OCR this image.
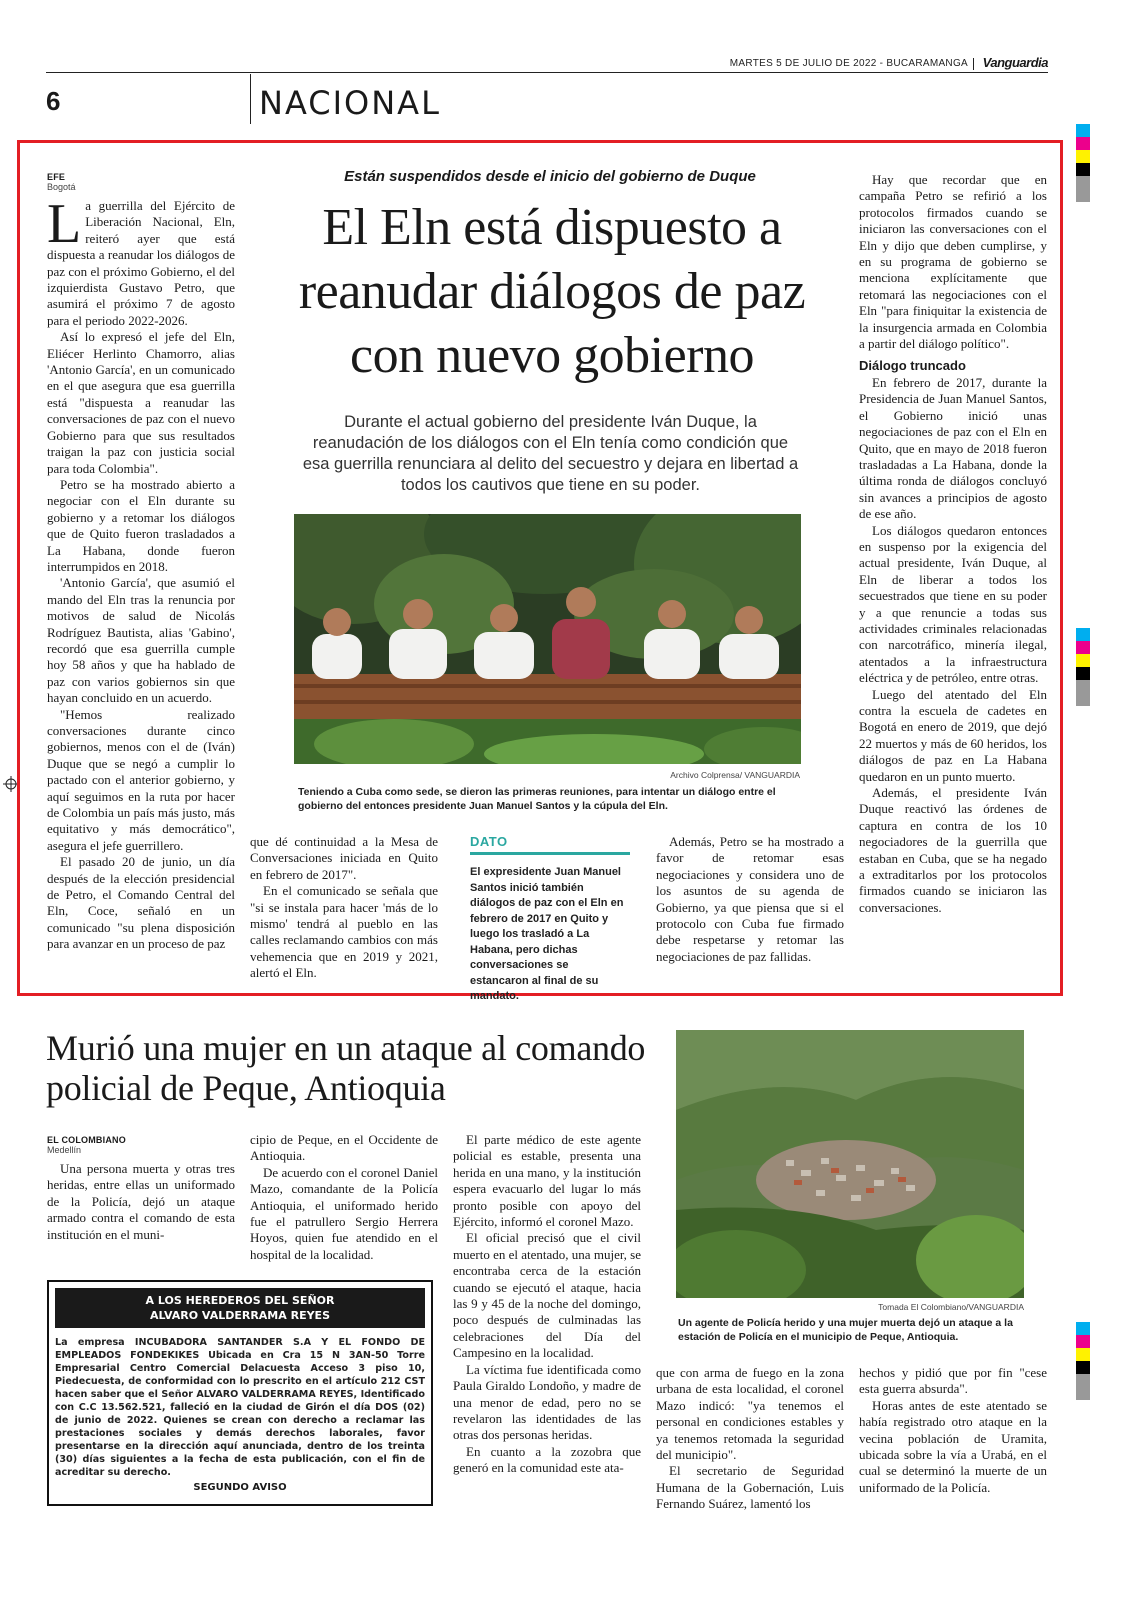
MARTES 5 DE JULIO DE 2022 - BUCARAMANGA Vanguardia
6	NACIONAL
EFE
Bogotá

La guerrilla del Ejército de Liberación Nacional, Eln, reiteró ayer que está dispuesta a reanudar los diálogos de paz con el próximo Gobierno, el del izquierdista Gustavo Petro, que asumirá el próximo 7 de agosto para el periodo 2022-2026.

Así lo expresó el jefe del Eln, Eliécer Herlinto Chamorro, alias 'Antonio García', en un comunicado en el que asegura que esa guerrilla está "dispuesta a reanudar las conversaciones de paz con el nuevo Gobierno para que sus resultados traigan la paz con justicia social para toda Colombia".

Petro se ha mostrado abierto a negociar con el Eln durante su gobierno y a retomar los diálogos que de Quito fueron trasladados a La Habana, donde fueron interrumpidos en 2018.

'Antonio García', que asumió el mando del Eln tras la renuncia por motivos de salud de Nicolás Rodríguez Bautista, alias 'Gabino', recordó que esa guerrilla cumple hoy 58 años y que ha hablado de paz con varios gobiernos sin que hayan concluido en un acuerdo.

"Hemos realizado conversaciones durante cinco gobiernos, menos con el de (Iván) Duque que se negó a cumplir lo pactado con el anterior gobierno, y aquí seguimos en la ruta por hacer de Colombia un país más justo, más equitativo y más democrático", asegura el jefe guerrillero.

El pasado 20 de junio, un día después de la elección presidencial de Petro, el Comando Central del Eln, Coce, señaló en un comunicado "su plena disposición para avanzar en un proceso de paz

Están suspendidos desde el inicio del gobierno de Duque
El Eln está dispuesto a reanudar diálogos de paz con nuevo gobierno
Durante el actual gobierno del presidente Iván Duque, la reanudación de los diálogos con el Eln tenía como condición que esa guerrilla renunciara al delito del secuestro y dejara en libertad a todos los cautivos que tiene en su poder.
Archivo Colprensa/ VANGUARDIA
Teniendo a Cuba como sede, se dieron las primeras reuniones, para intentar un diálogo entre el gobierno del entonces presidente Juan Manuel Santos y la cúpula del Eln.

que dé continuidad a la Mesa de Conversaciones iniciada en Quito en febrero de 2017".

En el comunicado se señala que "si se instala para hacer 'más de lo mismo' tendrá al pueblo en las calles reclamando cambios con más vehemencia que en 2019 y 2021, alertó el Eln.

DATO
El expresidente Juan Manuel Santos inició también diálogos de paz con el Eln en febrero de 2017 en Quito y luego los trasladó a La Habana, pero dichas conversaciones se estancaron al final de su mandato.

Además, Petro se ha mostrado a favor de retomar esas negociaciones y considera uno de los asuntos de su agenda de Gobierno, ya que piensa que si el protocolo con Cuba fue firmado debe respetarse y retomar las negociaciones de paz fallidas.

Hay que recordar que en campaña Petro se refirió a los protocolos firmados cuando se iniciaron las conversaciones con el Eln y dijo que deben cumplirse, y en su programa de gobierno se menciona explícitamente que retomará las negociaciones con el Eln "para finiquitar la existencia de la insurgencia armada en Colombia a partir del diálogo político".

Diálogo truncado

En febrero de 2017, durante la Presidencia de Juan Manuel Santos, el Gobierno inició unas negociaciones de paz con el Eln en Quito, que en mayo de 2018 fueron trasladadas a La Habana, donde la última ronda de diálogos concluyó sin avances a principios de agosto de ese año.

Los diálogos quedaron entonces en suspenso por la exigencia del actual presidente, Iván Duque, al Eln de liberar a todos los secuestrados que tiene en su poder y a que renuncie a todas sus actividades criminales relacionadas con narcotráfico, minería ilegal, atentados a la infraestructura eléctrica y de petróleo, entre otras.

Luego del atentado del Eln contra la escuela de cadetes en Bogotá en enero de 2019, que dejó 22 muertos y más de 60 heridos, los diálogos de paz en La Habana quedaron en un punto muerto.

Además, el presidente Iván Duque reactivó las órdenes de captura en contra de los 10 negociadores de la guerrilla que estaban en Cuba, que se ha negado a extraditarlos por los protocolos firmados cuando se iniciaron las conversaciones.

Murió una mujer en un ataque al comando policial de Peque, Antioquia
EL COLOMBIANO
Medellín

Una persona muerta y otras tres heridas, entre ellas un uniformado de la Policía, dejó un ataque armado contra el comando de esta institución en el muni-

cipio de Peque, en el Occidente de Antioquia.

De acuerdo con el coronel Daniel Mazo, comandante de la Policía Antioquia, el uniformado herido fue el patrullero Sergio Herrera Hoyos, quien fue atendido en el hospital de la localidad.

El parte médico de este agente policial es estable, presenta una herida en una mano, y la institución espera evacuarlo del lugar lo más pronto posible con apoyo del Ejército, informó el coronel Mazo.

El oficial precisó que el civil muerto en el atentado, una mujer, se encontraba cerca de la estación cuando se ejecutó el ataque, hacia las 9 y 45 de la noche del domingo, poco después de culminadas las celebraciones del Día del Campesino en la localidad.

La víctima fue identificada como Paula Giraldo Londoño, y madre de una menor de edad, pero no se revelaron las identidades de las otras dos personas heridas.

En cuanto a la zozobra que generó en la comunidad este ata-

Tomada El Colombiano/VANGUARDIA
Un agente de Policía herido y una mujer muerta dejó un ataque a la estación de Policía en el municipio de Peque, Antioquia.

que con arma de fuego en la zona urbana de esta localidad, el coronel Mazo indicó: "ya tenemos el personal en condiciones estables y ya tenemos retomada la seguridad del municipio".

El secretario de Seguridad Humana de la Gobernación, Luis Fernando Suárez, lamentó los

hechos y pidió que por fin "cese esta guerra absurda".

Horas antes de este atentado se había registrado otro ataque en la vecina población de Uramita, ubicada sobre la vía a Urabá, en el cual se determinó la muerte de un uniformado de la Policía.

A LOS HEREDEROS DEL SEÑOR
ALVARO VALDERRAMA REYES
La empresa INCUBADORA SANTANDER S.A Y EL FONDO DE EMPLEADOS FONDEKIKES Ubicada en Cra 15 N 3AN-50 Torre Empresarial Centro Comercial Delacuesta Acceso 3 piso 10, Piedecuesta, de conformidad con lo prescrito en el artículo 212 CST hacen saber que el Señor ALVARO VALDERRAMA REYES, Identificado con C.C 13.562.521, falleció en la ciudad de Girón el día DOS (02) de junio de 2022. Quienes se crean con derecho a reclamar las prestaciones sociales y demás derechos laborales, favor presentarse en la dirección aquí anunciada, dentro de los treinta (30) días siguientes a la fecha de esta publicación, con el fin de acreditar su derecho.
SEGUNDO AVISO
